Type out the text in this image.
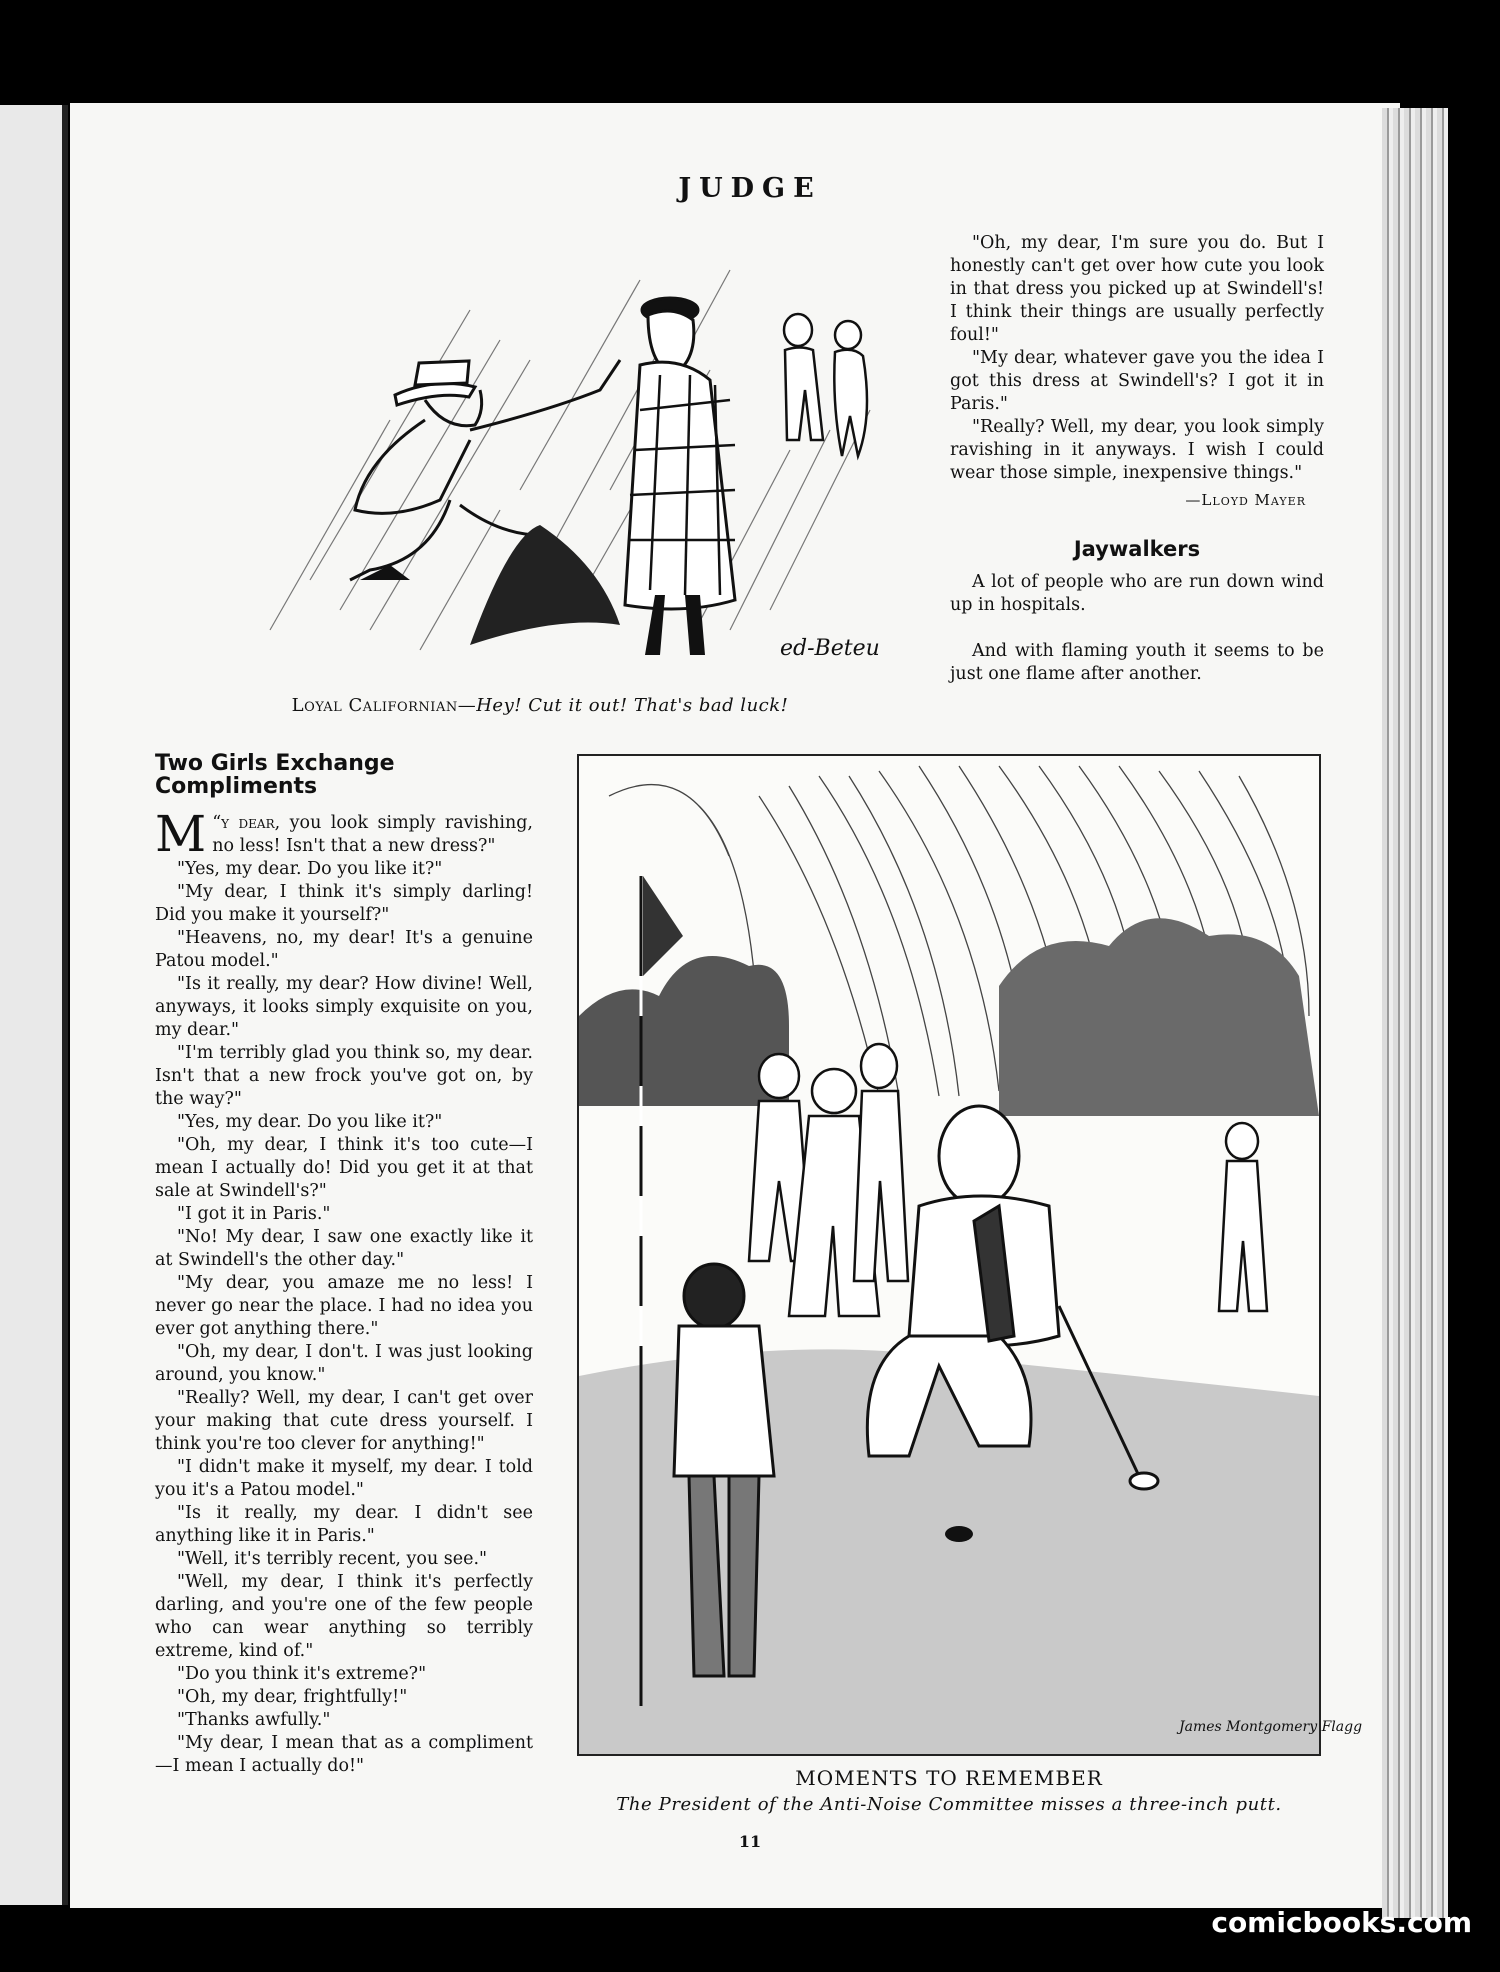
JUDGE
ed-Beteu
Loyal Californian—Hey! Cut it out! That's bad luck!

"Oh, my dear, I'm sure you do. But I honestly can't get over how cute you look in that dress you picked up at Swindell's! I think their things are usually perfectly foul!"

"My dear, whatever gave you the idea I got this dress at Swindell's? I got it in Paris."

"Really? Well, my dear, you look simply ravishing in it anyways. I wish I could wear those simple, inexpensive things."

—Lloyd Mayer
Jaywalkers

A lot of people who are run down wind up in hospitals.

And with flaming youth it seems to be just one flame after another.

Two Girls Exchange Compliments

“
M y dear, you look simply ravishing, no less! Isn't that a new dress?"

"Yes, my dear. Do you like it?"

"My dear, I think it's simply darling! Did you make it yourself?"

"Heavens, no, my dear! It's a genuine Patou model."

"Is it really, my dear? How divine! Well, anyways, it looks simply exquisite on you, my dear."

"I'm terribly glad you think so, my dear. Isn't that a new frock you've got on, by the way?"

"Yes, my dear. Do you like it?"

"Oh, my dear, I think it's too cute—I mean I actually do! Did you get it at that sale at Swindell's?"

"I got it in Paris."

"No! My dear, I saw one exactly like it at Swindell's the other day."

"My dear, you amaze me no less! I never go near the place. I had no idea you ever got anything there."

"Oh, my dear, I don't. I was just looking around, you know."

"Really? Well, my dear, I can't get over your making that cute dress yourself. I think you're too clever for anything!"

"I didn't make it myself, my dear. I told you it's a Patou model."

"Is it really, my dear. I didn't see anything like it in Paris."

"Well, it's terribly recent, you see."

"Well, my dear, I think it's perfectly darling, and you're one of the few people who can wear anything so terribly extreme, kind of."

"Do you think it's extreme?"

"Oh, my dear, frightfully!"

"Thanks awfully."

"My dear, I mean that as a compliment—I mean I actually do!"

James Montgomery Flagg
MOMENTS TO REMEMBER
The President of the Anti-Noise Committee misses a three-inch putt.
11
comicbooks.com
